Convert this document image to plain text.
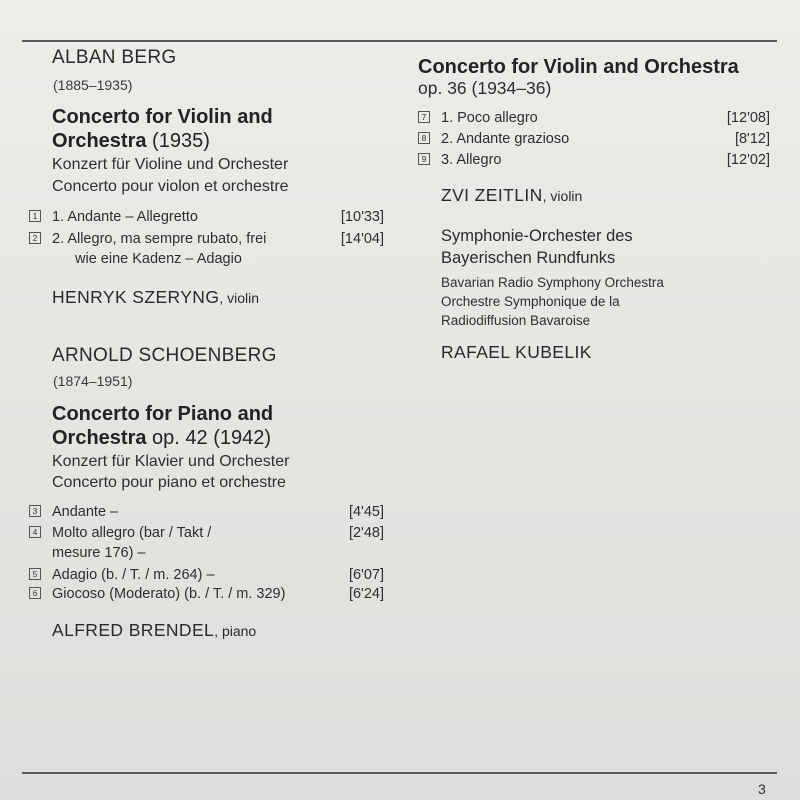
ALBAN BERG
(1885–1935)
Concerto for Violin and
Orchestra (1935)
Konzert für Violine und Orchester
Concerto pour violon et orchestre
1 1. Andante – Allegretto	[10'33]
2 2. Allegro, ma sempre rubato, frei
wie eine Kadenz – Adagio
[14'04]
HENRYK SZERYNG, violin
ARNOLD SCHOENBERG
(1874–1951)
Concerto for Piano and
Orchestra op. 42 (1942)
Konzert für Klavier und Orchester
Concerto pour piano et orchestre
3 Andante –	[4'45]
4 Molto allegro (bar / Takt /
mesure 176) –
[2'48]
5 Adagio (b. / T. / m. 264) –	[6'07]
6 Giocoso (Moderato) (b. / T. / m. 329)	[6'24]
ALFRED BRENDEL, piano
Concerto for Violin and Orchestra
op. 36 (1934–36)
7 1. Poco allegro	[12'08]
8 2. Andante grazioso	[8'12]
9 3. Allegro	[12'02]
ZVI ZEITLIN, violin
Symphonie-Orchester des
Bayerischen Rundfunks
Bavarian Radio Symphony Orchestra
Orchestre Symphonique de la
Radiodiffusion Bavaroise
RAFAEL KUBELIK
3
